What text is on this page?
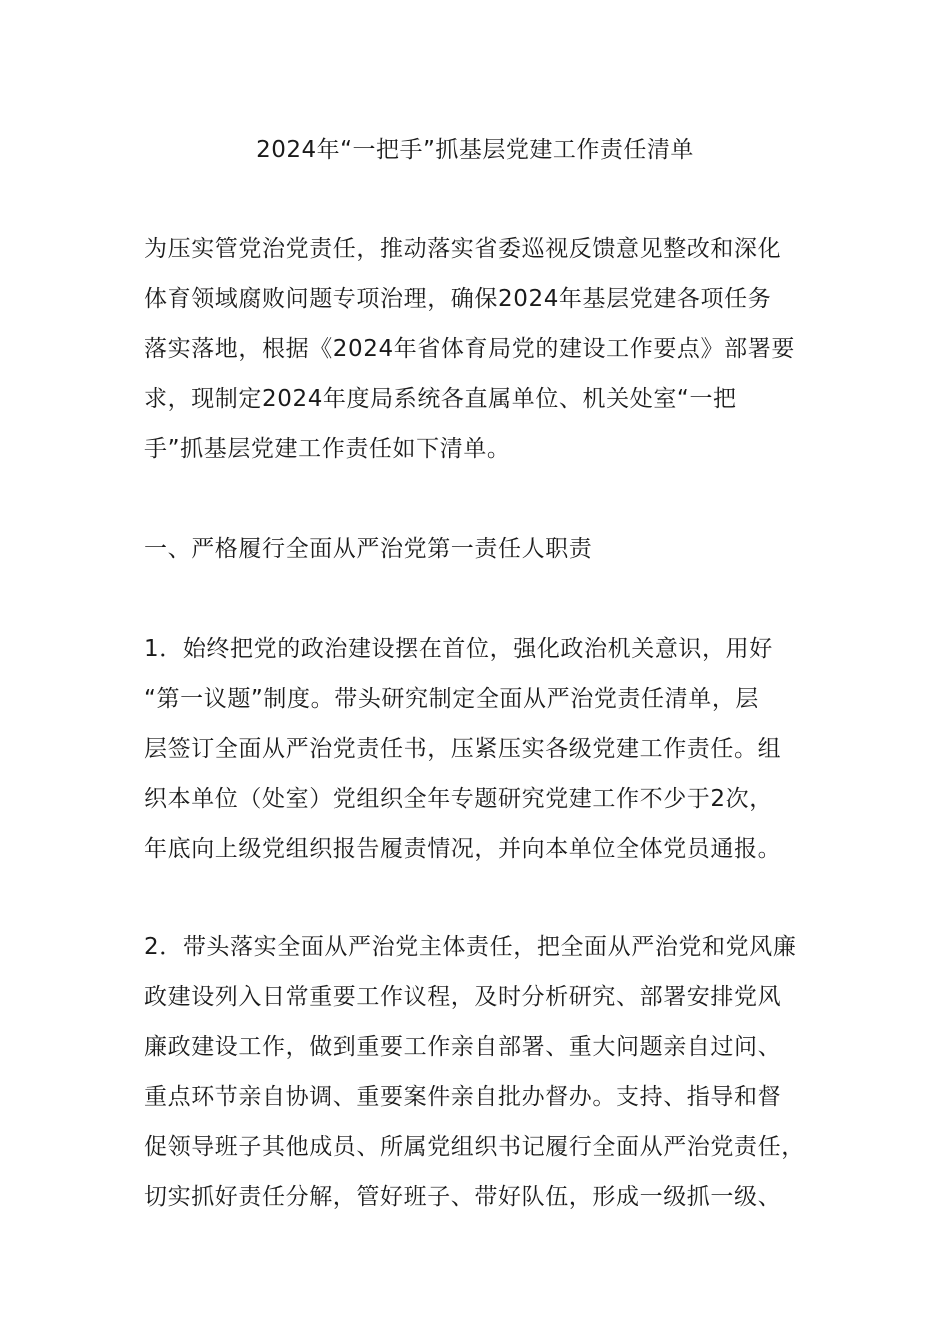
2024年“一把手”抓基层党建工作责任清单
为压实管党治党责任，推动落实省委巡视反馈意见整改和深化
体育领域腐败问题专项治理，确保2024年基层党建各项任务
落实落地，根据《2024年省体育局党的建设工作要点》部署要
求，现制定2024年度局系统各直属单位、机关处室“一把
手”抓基层党建工作责任如下清单。
一、严格履行全面从严治党第一责任人职责
1．始终把党的政治建设摆在首位，强化政治机关意识，用好
“第一议题”制度。带头研究制定全面从严治党责任清单，层
层签订全面从严治党责任书，压紧压实各级党建工作责任。组
织本单位（处室）党组织全年专题研究党建工作不少于2次，
年底向上级党组织报告履责情况，并向本单位全体党员通报。
2．带头落实全面从严治党主体责任，把全面从严治党和党风廉
政建设列入日常重要工作议程，及时分析研究、部署安排党风
廉政建设工作，做到重要工作亲自部署、重大问题亲自过问、
重点环节亲自协调、重要案件亲自批办督办。支持、指导和督
促领导班子其他成员、所属党组织书记履行全面从严治党责任，
切实抓好责任分解，管好班子、带好队伍，形成一级抓一级、
